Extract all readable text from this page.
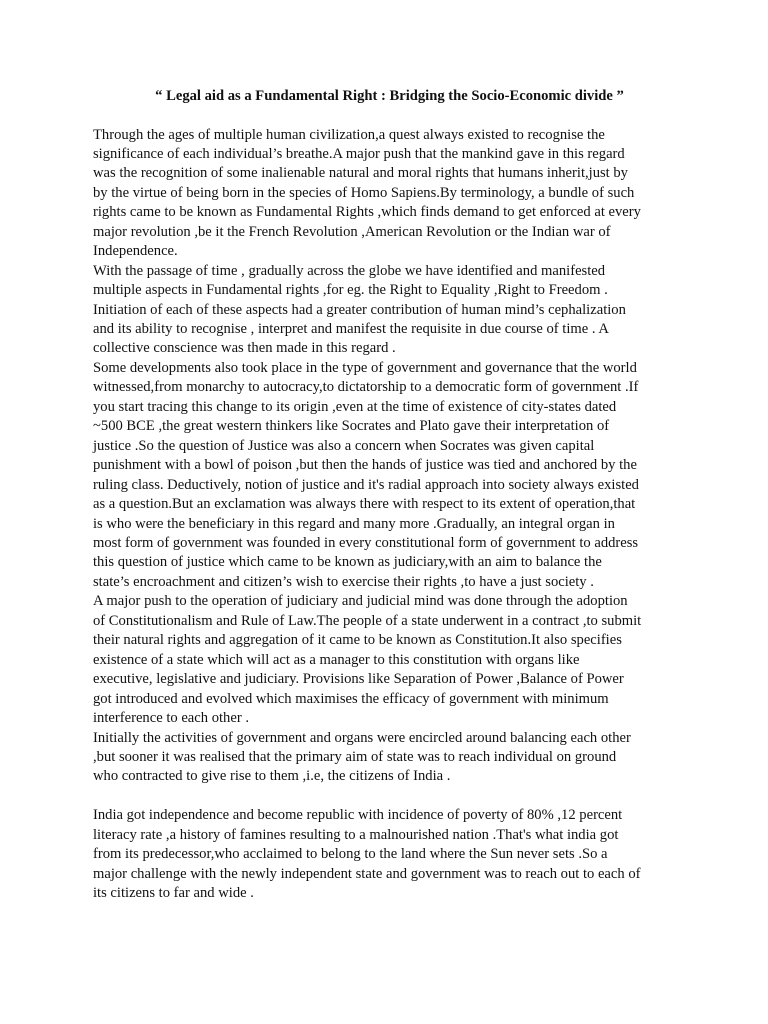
“ Legal aid as a Fundamental Right : Bridging the Socio-Economic divide ”
Through the ages of multiple human civilization,a quest always existed to recognise the
significance of each individual’s breathe.A major push that the mankind gave in this regard
was the recognition of some inalienable natural and moral rights that humans inherit,just by
by the virtue of being born in the species of Homo Sapiens.By terminology, a bundle of such
rights came to be known as Fundamental Rights ,which finds demand to get enforced at every
major revolution ,be it the French Revolution ,American Revolution or the Indian war of
Independence.
With the passage of time , gradually across the globe we have identified and manifested
multiple aspects in Fundamental rights ,for eg. the Right to Equality ,Right to Freedom .
Initiation of each of these aspects had a greater contribution of human mind’s cephalization
and its ability to recognise , interpret and manifest the requisite in due course of time . A
collective conscience was then made in this regard .
Some developments also took place in the type of government and governance that the world
witnessed,from monarchy to autocracy,to dictatorship to a democratic form of government .If
you start tracing this change to its origin ,even at the time of existence of city-states dated
~500 BCE ,the great western thinkers like Socrates and Plato gave their interpretation of
justice .So the question of Justice was also a concern when Socrates was given capital
punishment with a bowl of poison ,but then the hands of justice was tied and anchored by the
ruling class. Deductively, notion of justice and it's radial approach into society always existed
as a question.But an exclamation was always there with respect to its extent of operation,that
is who were the beneficiary in this regard and many more .Gradually, an integral organ in
most form of government was founded in every constitutional form of government to address
this question of justice which came to be known as judiciary,with an aim to balance the
state’s encroachment and citizen’s wish to exercise their rights ,to have a just society .
A major push to the operation of judiciary and judicial mind was done through the adoption
of Constitutionalism and Rule of Law.The people of a state underwent in a contract ,to submit
their natural rights and aggregation of it came to be known as Constitution.It also specifies
existence of a state which will act as a manager to this constitution with organs like
executive, legislative and judiciary. Provisions like Separation of Power ,Balance of Power
got introduced and evolved which maximises the efficacy of government with minimum
interference to each other .
Initially the activities of government and organs were encircled around balancing each other
,but sooner it was realised that the primary aim of state was to reach individual on ground
who contracted to give rise to them ,i.e, the citizens of India .
India got independence and become republic with incidence of poverty of 80% ,12 percent
literacy rate ,a history of famines resulting to a malnourished nation .That's what india got
from its predecessor,who acclaimed to belong to the land where the Sun never sets .So a
major challenge with the newly independent state and government was to reach out to each of
its citizens to far and wide .
